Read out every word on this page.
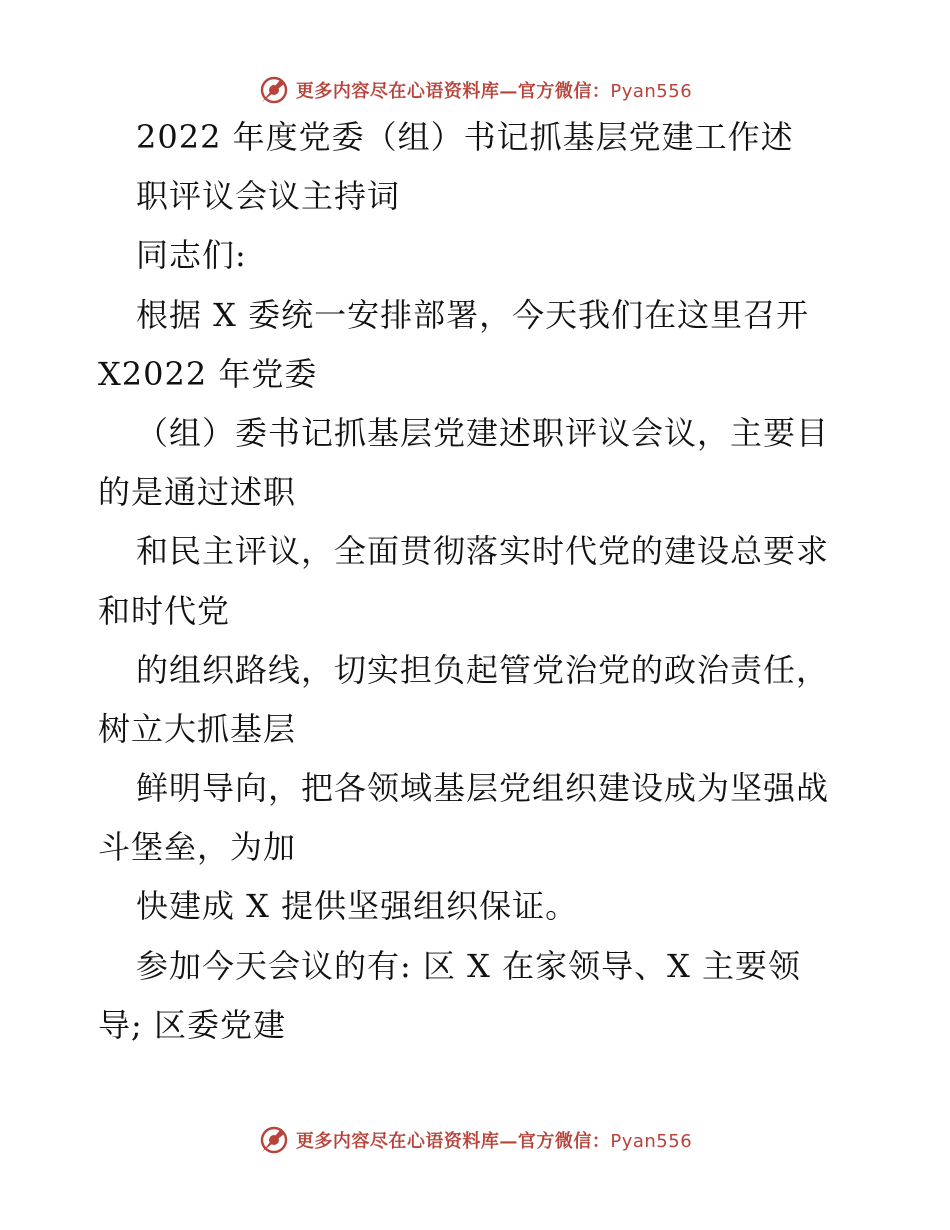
更多内容尽在心语资料库—官方微信：Pyan556
2022 年度党委（组）书记抓基层党建工作述
职评议会议主持词
同志们:
根据 X 委统一安排部署，今天我们在这里召开
X2022 年党委
（组）委书记抓基层党建述职评议会议，主要目
的是通过述职
和民主评议，全面贯彻落实时代党的建设总要求
和时代党
的组织路线，切实担负起管党治党的政治责任，
树立大抓基层
鲜明导向，把各领域基层党组织建设成为坚强战
斗堡垒，为加
快建成 X 提供坚强组织保证。
参加今天会议的有: 区 X 在家领导、X 主要领
导; 区委党建
更多内容尽在心语资料库—官方微信：Pyan556
